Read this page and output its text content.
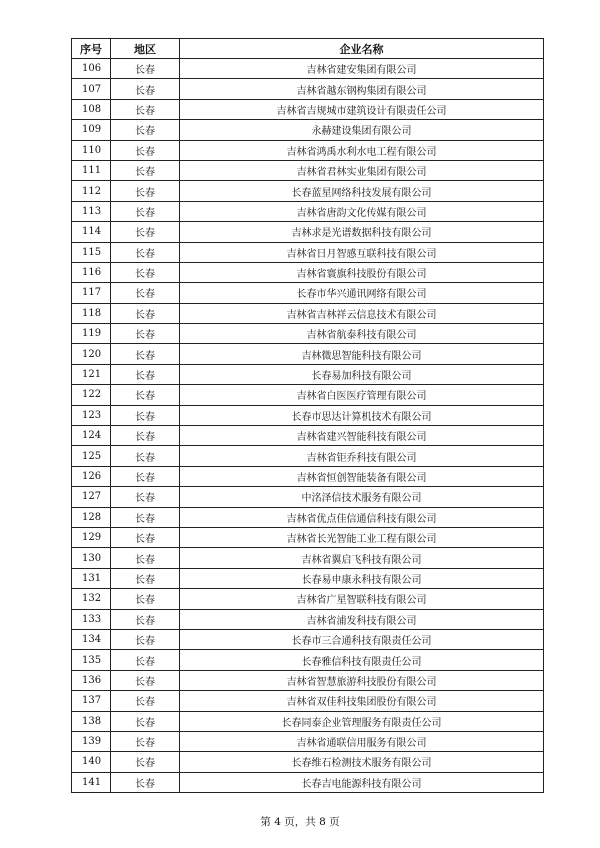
序号	地区	企业名称
106	长春	吉林省建安集团有限公司
107	长春	吉林省越东钢构集团有限公司
108	长春	吉林省吉规城市建筑设计有限责任公司
109	长春	永赫建设集团有限公司
110	长春	吉林省鸿禹水利水电工程有限公司
111	长春	吉林省君林实业集团有限公司
112	长春	长春蓝星网络科技发展有限公司
113	长春	吉林省唐韵文化传媒有限公司
114	长春	吉林求是光谱数据科技有限公司
115	长春	吉林省日月智感互联科技有限公司
116	长春	吉林省寰旗科技股份有限公司
117	长春	长春市华兴通讯网络有限公司
118	长春	吉林省吉林祥云信息技术有限公司
119	长春	吉林省航泰科技有限公司
120	长春	吉林微思智能科技有限公司
121	长春	长春易加科技有限公司
122	长春	吉林省白医医疗管理有限公司
123	长春	长春市思达计算机技术有限公司
124	长春	吉林省建兴智能科技有限公司
125	长春	吉林省钜乔科技有限公司
126	长春	吉林省恒创智能装备有限公司
127	长春	中洺泽信技术服务有限公司
128	长春	吉林省优点佳信通信科技有限公司
129	长春	吉林省长光智能工业工程有限公司
130	长春	吉林省翼启飞科技有限公司
131	长春	长春易申康永科技有限公司
132	长春	吉林省广星智联科技有限公司
133	长春	吉林省浦发科技有限公司
134	长春	长春市三合通科技有限责任公司
135	长春	长春雅信科技有限责任公司
136	长春	吉林省智慧旅游科技股份有限公司
137	长春	吉林省双佳科技集团股份有限公司
138	长春	长春同泰企业管理服务有限责任公司
139	长春	吉林省通联信用服务有限公司
140	长春	长春维石检测技术服务有限公司
141	长春	长春吉电能源科技有限公司
第 4 页，共 8 页
